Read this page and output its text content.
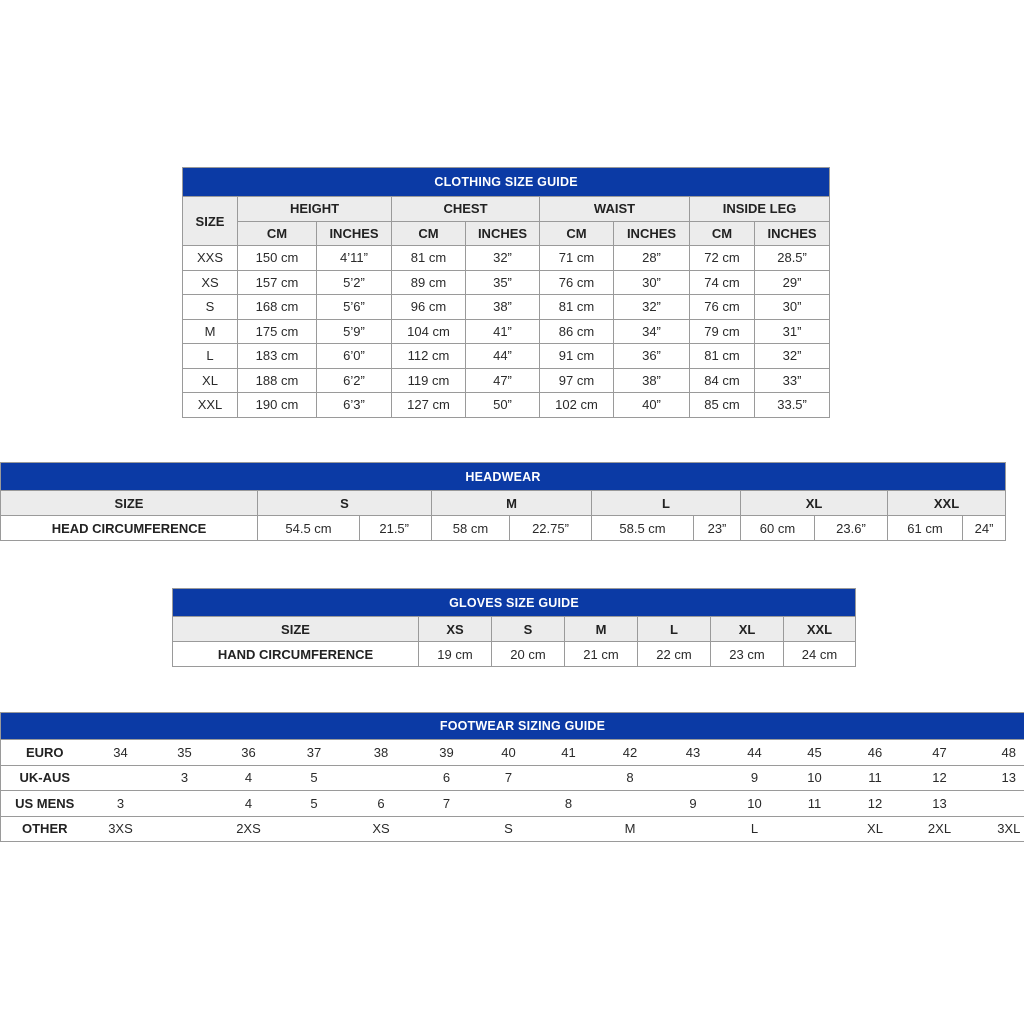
CLOTHING SIZE GUIDE								
SIZE	HEIGHT		CHEST		WAIST		INSIDE LEG	
	CM	INCHES	CM	INCHES	CM	INCHES	CM	INCHES
XXS	150 cm	4’11”	81 cm	32”	71 cm	28”	72 cm	28.5”
XS	157 cm	5’2”	89 cm	35”	76 cm	30”	74 cm	29”
S	168 cm	5’6”	96 cm	38”	81 cm	32”	76 cm	30”
M	175 cm	5’9”	104 cm	41”	86 cm	34”	79 cm	31”
L	183 cm	6’0”	112 cm	44”	91 cm	36”	81 cm	32”
XL	188 cm	6’2”	119 cm	47”	97 cm	38”	84 cm	33”
XXL	190 cm	6’3”	127 cm	50”	102 cm	40”	85 cm	33.5”
HEADWEAR										
SIZE	S		M		L		XL		XXL	
HEAD CIRCUMFERENCE	54.5 cm	21.5”	58 cm	22.75”	58.5 cm	23”	60 cm	23.6”	61 cm	24”
GLOVES SIZE GUIDE						
SIZE	XS	S	M	L	XL	XXL
HAND CIRCUMFERENCE	19 cm	20 cm	21 cm	22 cm	23 cm	24 cm
FOOTWEAR SIZING GUIDE															
EURO	34	35	36	37	38	39	40	41	42	43	44	45	46	47	48
UK-AUS		3	4	5		6	7		8		9	10	11	12	13
US MENS	3		4	5	6	7		8		9	10	11	12	13	
OTHER	3XS		2XS		XS		S		M		L		XL	2XL	3XL
